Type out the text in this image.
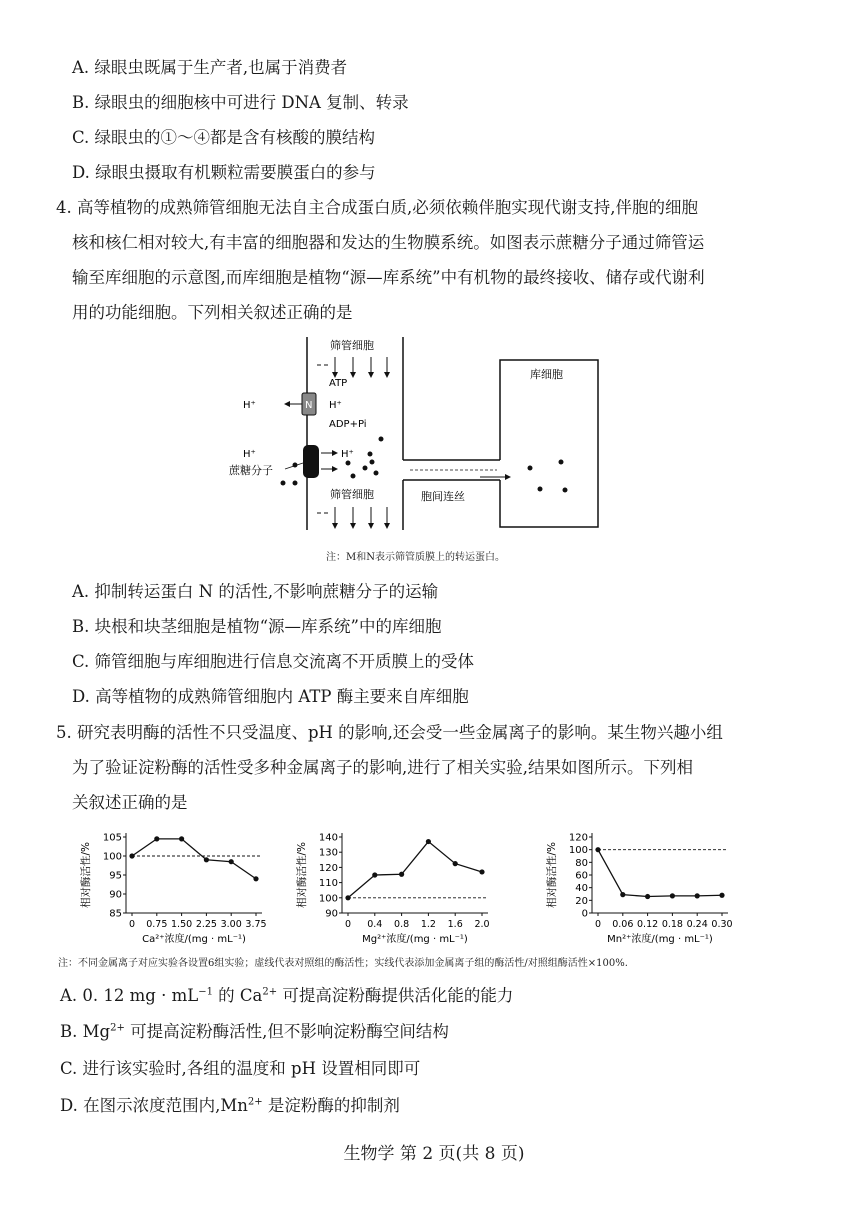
A. 绿眼虫既属于生产者,也属于消费者
B. 绿眼虫的细胞核中可进行 DNA 复制、转录
C. 绿眼虫的①～④都是含有核酸的膜结构
D. 绿眼虫摄取有机颗粒需要膜蛋白的参与
4. 高等植物的成熟筛管细胞无法自主合成蛋白质,必须依赖伴胞实现代谢支持,伴胞的细胞
核和核仁相对较大,有丰富的细胞器和发达的生物膜系统。如图表示蔗糖分子通过筛管运
输至库细胞的示意图,而库细胞是植物“源—库系统”中有机物的最终接收、储存或代谢利
用的功能细胞。下列相关叙述正确的是
筛管细胞
ATP
N
H⁺	H⁺
ADP+Pi
H⁺	H⁺
蔗糖分子
筛管细胞	胞间连丝
库细胞
注：M和N表示筛管质膜上的转运蛋白。
A. 抑制转运蛋白 N 的活性,不影响蔗糖分子的运输
B. 块根和块茎细胞是植物“源—库系统”中的库细胞
C. 筛管细胞与库细胞进行信息交流离不开质膜上的受体
D. 高等植物的成熟筛管细胞内 ATP 酶主要来自库细胞
5. 研究表明酶的活性不只受温度、pH 的影响,还会受一些金属离子的影响。某生物兴趣小组
为了验证淀粉酶的活性受多种金属离子的影响,进行了相关实验,结果如图所示。下列相
关叙述正确的是
85
90
95
100
105
0 0.75 1.50 2.25 3.00 3.75
相对酶活性/%
Ca²⁺浓度/(mg · mL⁻¹)
90
100
110
120
130
140
0 0.4 0.8 1.2 1.6 2.0
相对酶活性/%
Mg²⁺浓度/(mg · mL⁻¹)
0
20
40
60
80
100
120
0 0.06 0.12 0.18 0.24 0.30
相对酶活性/%
Mn²⁺浓度/(mg · mL⁻¹)
注：不同金属离子对应实验各设置6组实验；虚线代表对照组的酶活性；实线代表添加金属离子组的酶活性/对照组酶活性×100%.
A. 0. 12 mg · $mL^{-1}$ 的 $Ca^{2+}$ 可提高淀粉酶提供活化能的能力
B. $Mg^{2+}$ 可提高淀粉酶活性,但不影响淀粉酶空间结构
C. 进行该实验时,各组的温度和 pH 设置相同即可
D. 在图示浓度范围内$,Mn^{2+}$ 是淀粉酶的抑制剂
生物学 第 2 页(共 8 页)
